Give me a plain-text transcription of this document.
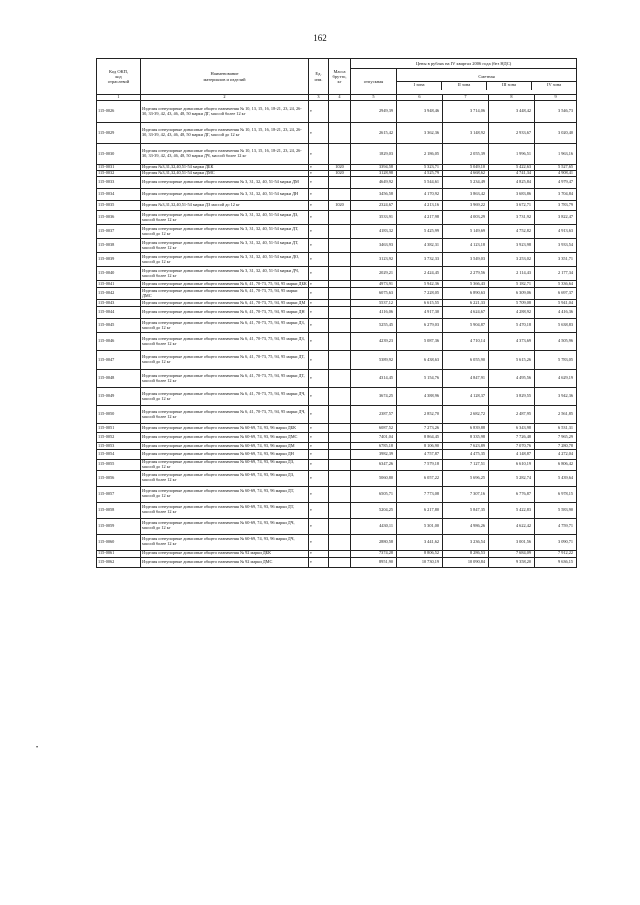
162
Код ОКП,
код
отраслевой	Наименование
материалов и изделий	Ед.
изм.	Масса
брутто,
кг	Цены в рублях на IV квартал 2006 года (без НДС)				
				отпускная	Сметная
I зона II зона III зона IV зона			

1	2	3	4	5	6	7	8	9
115-0026	Изделия огнеупорные динасовые общего назначения № 10, 13, 15, 16, 18-21, 23, 24, 26-30, 33-39, 42, 43, 46, 48, 50 марки ДГ, массой более 12 кг	т		2949,39	3 948,46	3 714,06	3 448,42	3 546,73
115-0029	Изделия огнеупорные динасовые общего назначения № 10, 13, 15, 16, 18-21, 23, 24, 26-30, 33-39, 42, 43, 46, 48, 50 марки ДГ, массой до 12 кг	т		2615,42	3 362,36	3 148,92	2 933,67	3 020,40
115-0030	Изделия огнеупорные динасовые общего назначения № 10, 13, 15, 16, 18-21, 23, 24, 26-30, 33-39, 42, 43, 46, 48, 50 марки ДЧ, массой более 12 кг	т		1829,03	2 186,05	2 055,39	1 996,51	1 963,16
115-0031	Изделия №3,31,32,40,51-54 марки ДБК	т	1020	3394,58	5 323,71	5 049,10	5 422,63	5 527,65
115-0032	Изделия №3,31,32,40,51-54 марки ДМС	т	1020	3128,98	4 525,79	4 668,62	4 741,34	4 908,41
115-0033	Изделия огнеупорные динасовые общего назначения № 3, 31, 32, 40, 51-54 марки ДМ	т		4649,92	5 544,61	5 234,49	4 825,84	4 979,47
115-0034	Изделия огнеупорные динасовые общего назначения № 3, 31, 32, 40, 51-54 марки ДН	т		3456,58	4 170,92	3 863,42	3 683,86	3 704,84
115-0035	Изделия №3,31,32,40,51-54 марки ДЗ массой до 12 кг	т	1020	2324,67	4 213,16	3 969,22	3 672,71	3 783,79
115-0036	Изделия огнеупорные динасовые общего назначения № 3, 31, 32, 40, 51-54 марки ДЗ, массой более 12 кг	т		3533,91	4 217,98	4 003,29	3 731,92	3 822,47
115-0037	Изделия огнеупорные динасовые общего назначения № 3, 31, 32, 40, 51-54 марки ДТ, массой до 12 кг	т		4183,32	5 425,99	5 149,69	4 752,82	4 913,63
115-0038	Изделия огнеупорные динасовые общего назначения № 3, 31, 32, 40, 51-54 марки ДТ, массой более 12 кг	т		3463,93	4 382,31	4 123,18	3 923,98	3 933,54
115-0039	Изделия огнеупорные динасовые общего назначения № 3, 31, 32, 40, 51-54 марки ДО, массой до 12 кг	т		3123,92	3 732,33	3 549,03	3 253,02	3 351,71
115-0040	Изделия огнеупорные динасовые общего назначения № 3, 31, 32, 40, 51-54 марки ДЧ, массой более 12 кг	т		2029,21	2 424,45	2 279,56	2 114,43	2 177,34
115-0041	Изделия огнеупорные динасовые общего назначения № 6, 41, 70-73, 75, 94, 95 марки ДБК	т		4973,91	5 942,36	5 366,43	5 182,71	5 336,64
115-0042	Изделия огнеупорные динасовые общего назначения № 6, 41, 70-73, 75, 94, 95 марки ДМС	т		6075,63	7 228,05	6 890,63	6 309,06	6 697,37
115-0043	Изделия огнеупорные динасовые общего назначения № 6, 41, 70-73, 75, 94, 95 марки ДМ	т		5537,12	6 615,55	6 221,33	5 709,08	5 941,04
115-0044	Изделия огнеупорные динасовые общего назначения № 6, 41, 70-73, 75, 94, 95 марки ДН	т		4116,06	4 917,30	4 624,67	4 288,92	4 416,36
115-0045	Изделия огнеупорные динасовые общего назначения № 6, 41, 70-73, 75, 94, 95 марки ДЗ, массой до 12 кг	т		5255,45	6 279,03	5 904,87	5 470,18	5 638,83
115-0046	Изделия огнеупорные динасовые общего назначения № 6, 41, 70-73, 75, 94, 95 марки ДЗ, массой более 12 кг	т		4239,23	5 087,36	4 710,14	4 373,69	4 505,96
115-0047	Изделия огнеупорные динасовые общего назначения № 6, 41, 70-73, 75, 94, 95 марки ДТ, массой до 12 кг	т		5389,92	6 438,63	6 055,90	5 615,26	5 783,05
115-0048	Изделия огнеупорные динасовые общего назначения № 6, 41, 70-73, 75, 94, 95 марки ДТ, массой более 12 кг	т		4314,45	5 154,76	4 847,91	4 495,56	4 629,19
115-0049	Изделия огнеупорные динасовые общего назначения № 6, 41, 70-73, 75, 94, 95 марки ДЧ, массой до 12 кг	т		3674,25	4 388,96	4 128,37	3 829,55	3 942,36
115-0050	Изделия огнеупорные динасовые общего назначения № 6, 41, 70-73, 75, 94, 95 марки ДЧ, массой более 12 кг	т		2387,57	2 852,70	2 682,72	2 487,95	2 561,85
115-0051	Изделия огнеупорные динасовые общего назначения № 60-69, 74, 93, 96 марки ДБК	т		6087,52	7 273,26	6 839,88	6 343,98	6 531,31
115-0052	Изделия огнеупорные динасовые общего назначения № 60-69, 74, 93, 96 марки ДМС	т		7401,04	8 864,45	8 335,98	7 726,48	7 965,29
115-0053	Изделия огнеупорные динасовые общего назначения № 60-69, 74, 93, 96 марки ДМ	т		6785,18	8 106,90	7 623,89	7 070,76	7 280,78
115-0054	Изделия огнеупорные динасовые общего назначения № 60-69, 74, 93, 96 марки ДН	т		3982,39	4 757,87	4 475,35	4 148,87	4 272,04
115-0055	Изделия огнеупорные динасовые общего назначения № 60-69, 74, 93, 96 марки ДЗ, массой до 12 кг	т		6347,26	7 579,18	7 127,51	6 610,19	6 806,42
115-0056	Изделия огнеупорные динасовые общего назначения № 60-69, 74, 93, 96 марки ДЗ, массой более 12 кг	т		5060,80	6 057,22	5 696,25	5 282,74	5 439,64
115-0057	Изделия огнеупорные динасовые общего назначения № 60-69, 74, 93, 96 марки ДТ, массой до 12 кг	т		6505,71	7 773,08	7 307,16	6 776,87	6 978,15
115-0058	Изделия огнеупорные динасовые общего назначения № 60-69, 74, 93, 96 марки ДТ, массой более 12 кг	т		5204,25	6 217,80	5 847,35	5 422,83	5 583,90
115-0059	Изделия огнеупорные динасовые общего назначения № 60-69, 74, 93, 96 марки ДЧ, массой до 12 кг	т		4430,11	5 301,00	4 986,26	4 622,42	4 759,71
115-0060	Изделия огнеупорные динасовые общего назначения № 60-69, 74, 93, 96 марки ДЧ, массой более 12 кг	т		2880,58	3 441,62	3 236,54	3 001,56	3 090,71
115-0061	Изделия огнеупорные динасовые общего назначения № 92 марки ДБК	т		7374,28	8 806,52	8 286,53	7 684,09	7 912,22
115-0062	Изделия огнеупорные динасовые общего назначения № 92 марки ДМС	т		8951,90	10 730,19	10 090,84	9 358,20	9 636,15
•
